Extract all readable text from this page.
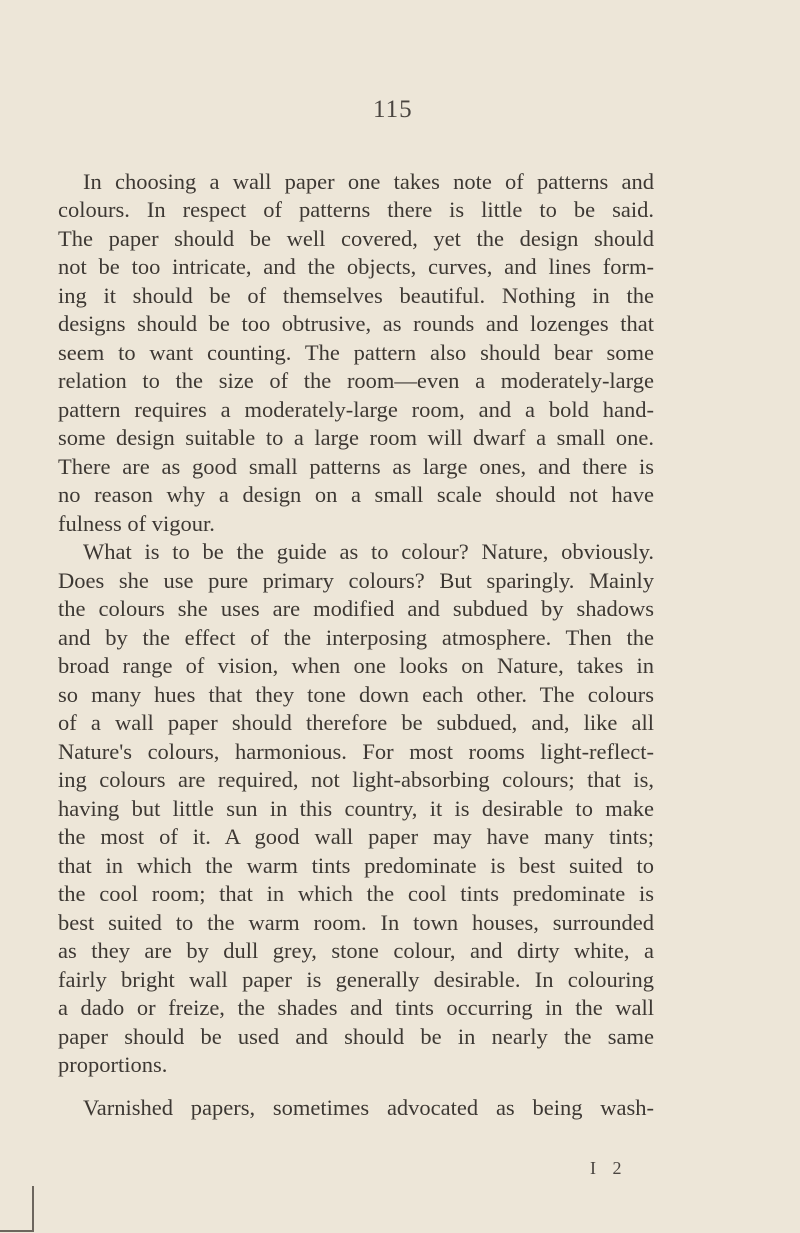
115

In choosing a wall paper one takes note of patterns and

colours. In respect of patterns there is little to be said.

The paper should be well covered, yet the design should

not be too intricate, and the objects, curves, and lines form-

ing it should be of themselves beautiful. Nothing in the

designs should be too obtrusive, as rounds and lozenges that

seem to want counting. The pattern also should bear some

relation to the size of the room—even a moderately-large

pattern requires a moderately-large room, and a bold hand-

some design suitable to a large room will dwarf a small one.

There are as good small patterns as large ones, and there is

no reason why a design on a small scale should not have

fulness of vigour.

What is to be the guide as to colour? Nature, obviously.

Does she use pure primary colours? But sparingly. Mainly

the colours she uses are modified and subdued by shadows

and by the effect of the interposing atmosphere. Then the

broad range of vision, when one looks on Nature, takes in

so many hues that they tone down each other. The colours

of a wall paper should therefore be subdued, and, like all

Nature's colours, harmonious. For most rooms light-reflect-

ing colours are required, not light-absorbing colours; that is,

having but little sun in this country, it is desirable to make

the most of it. A good wall paper may have many tints;

that in which the warm tints predominate is best suited to

the cool room; that in which the cool tints predominate is

best suited to the warm room. In town houses, surrounded

as they are by dull grey, stone colour, and dirty white, a

fairly bright wall paper is generally desirable. In colouring

a dado or freize, the shades and tints occurring in the wall

paper should be used and should be in nearly the same

proportions.

Varnished papers, sometimes advocated as being wash-

I 2
